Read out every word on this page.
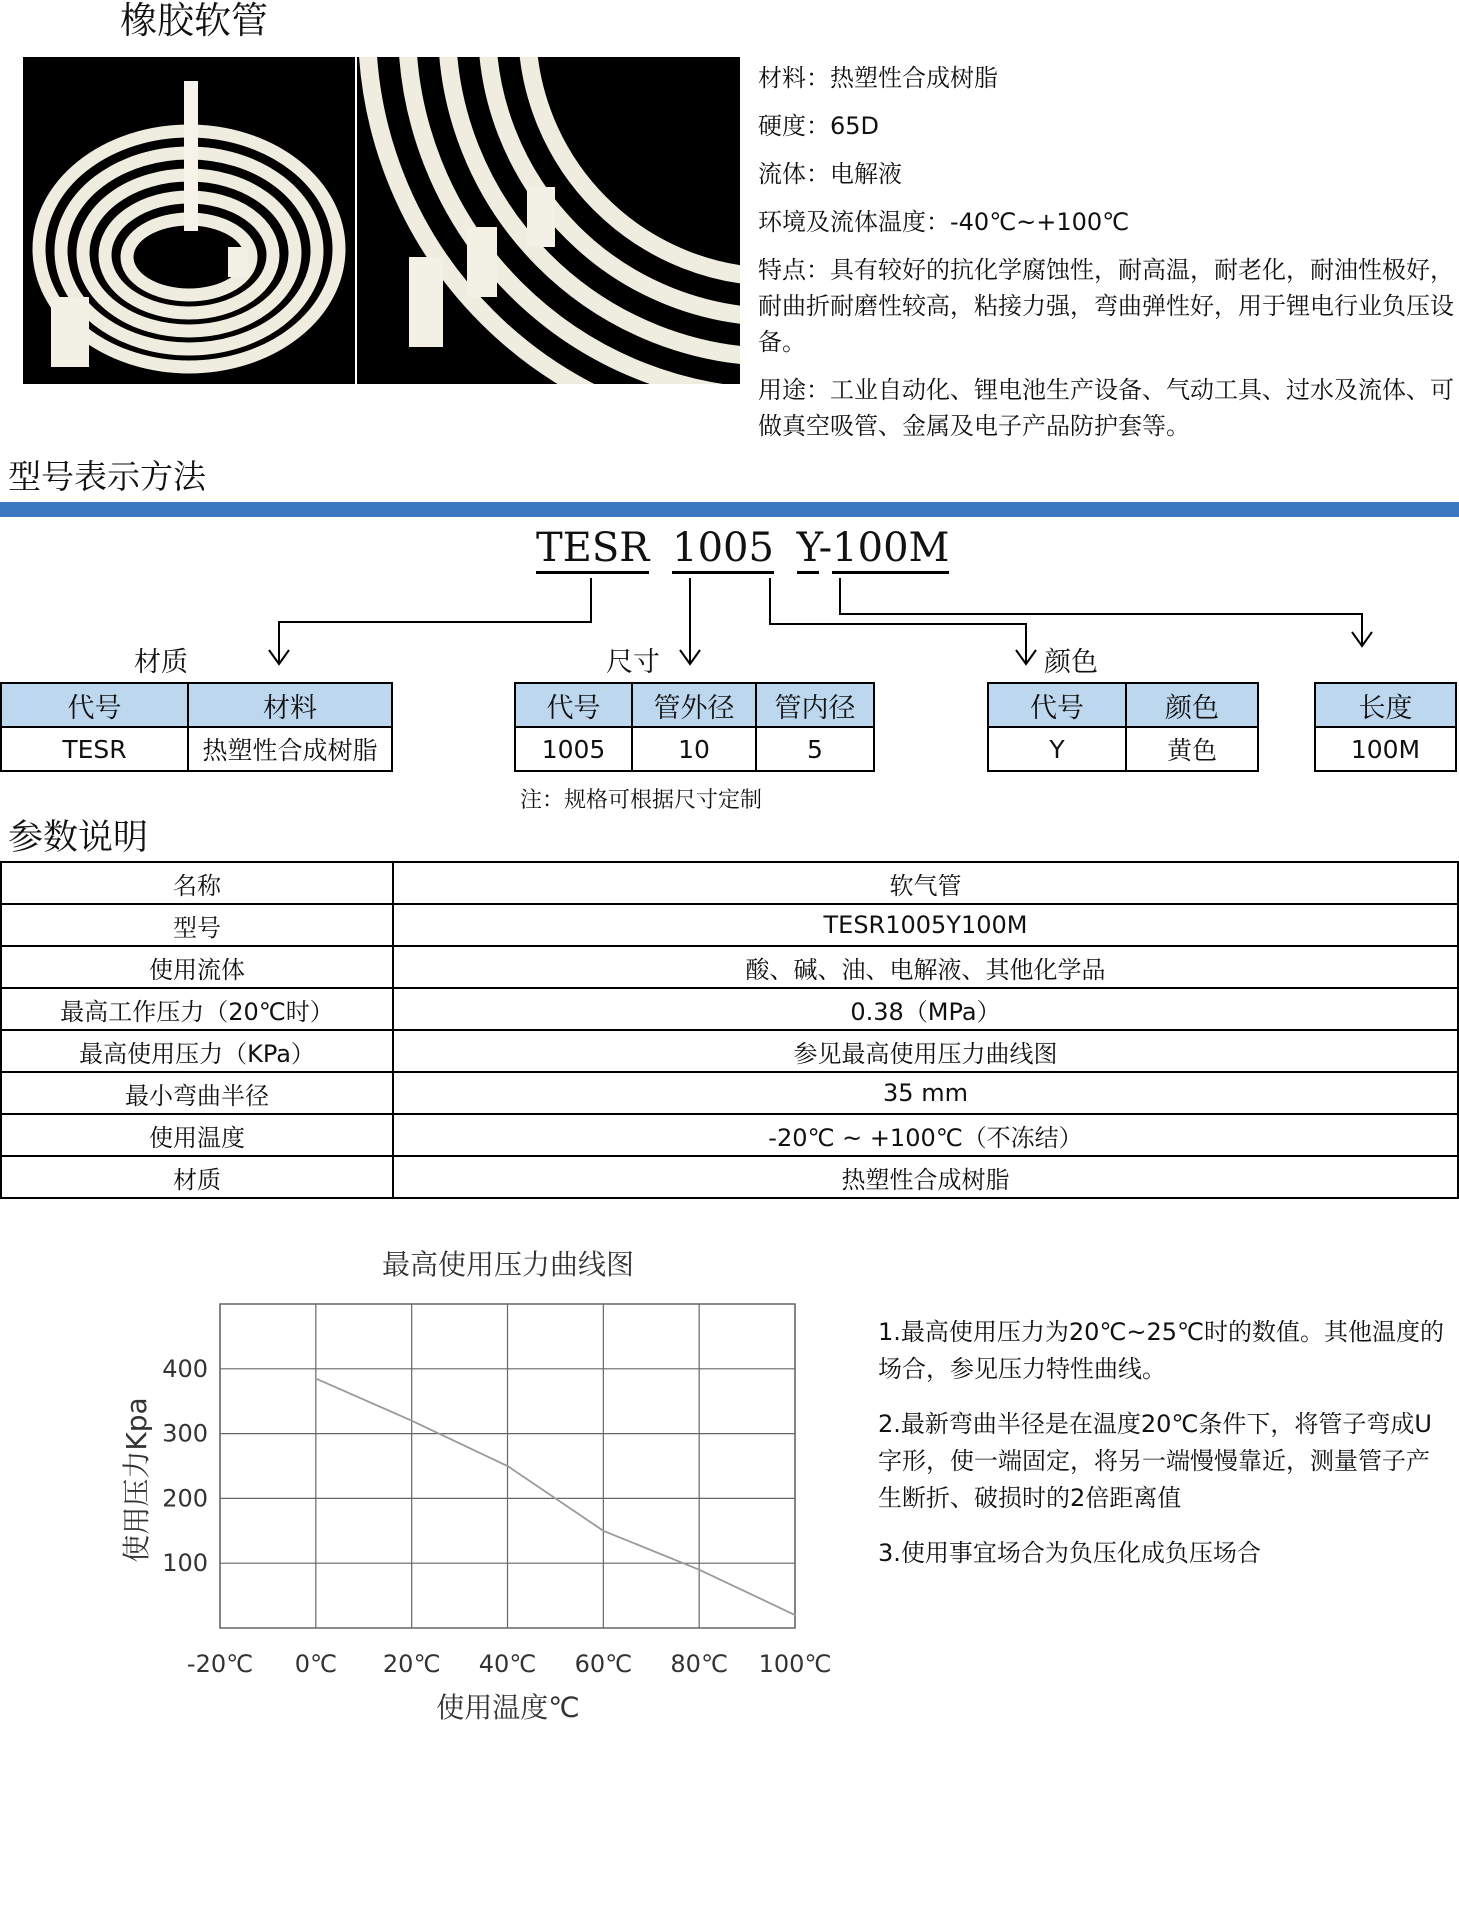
橡胶软管

材料：热塑性合成树脂

硬度：65D

流体：电解液

环境及流体温度：-40℃~+100℃

特点：具有较好的抗化学腐蚀性，耐高温，耐老化，耐油性极好，耐曲折耐磨性较高，粘接力强，弯曲弹性好，用于锂电行业负压设备。

用途：工业自动化、锂电池生产设备、气动工具、过水及流体、可做真空吸管、金属及电子产品防护套等。

型号表示方法
TESR 1005 Y-100M
材质	尺寸	颜色
代号	材料
TESR	热塑性合成树脂
代号	管外径	管内径
1005	10	5
代号	颜色
Y	黄色
长度
100M
注：规格可根据尺寸定制
参数说明
名称	软气管
型号	TESR1005Y100M
使用流体	酸、碱、油、电解液、其他化学品
最高工作压力（20℃时）	0.38（MPa）
最高使用压力（KPa）	参见最高使用压力曲线图
最小弯曲半径	35 mm
使用温度	-20℃ ~ +100℃（不冻结）
材质	热塑性合成树脂
最高使用压力曲线图
使用温度℃
使用压力Kpa
-20℃ 0℃ 20℃ 40℃ 60℃ 80℃ 100℃
400
300
200
100

1.最高使用压力为20℃~25℃时的数值。其他温度的场合，参见压力特性曲线。

2.最新弯曲半径是在温度20℃条件下，将管子弯成U字形，使一端固定，将另一端慢慢靠近，测量管子产生断折、破损时的2倍距离值

3.使用事宜场合为负压化成负压场合
